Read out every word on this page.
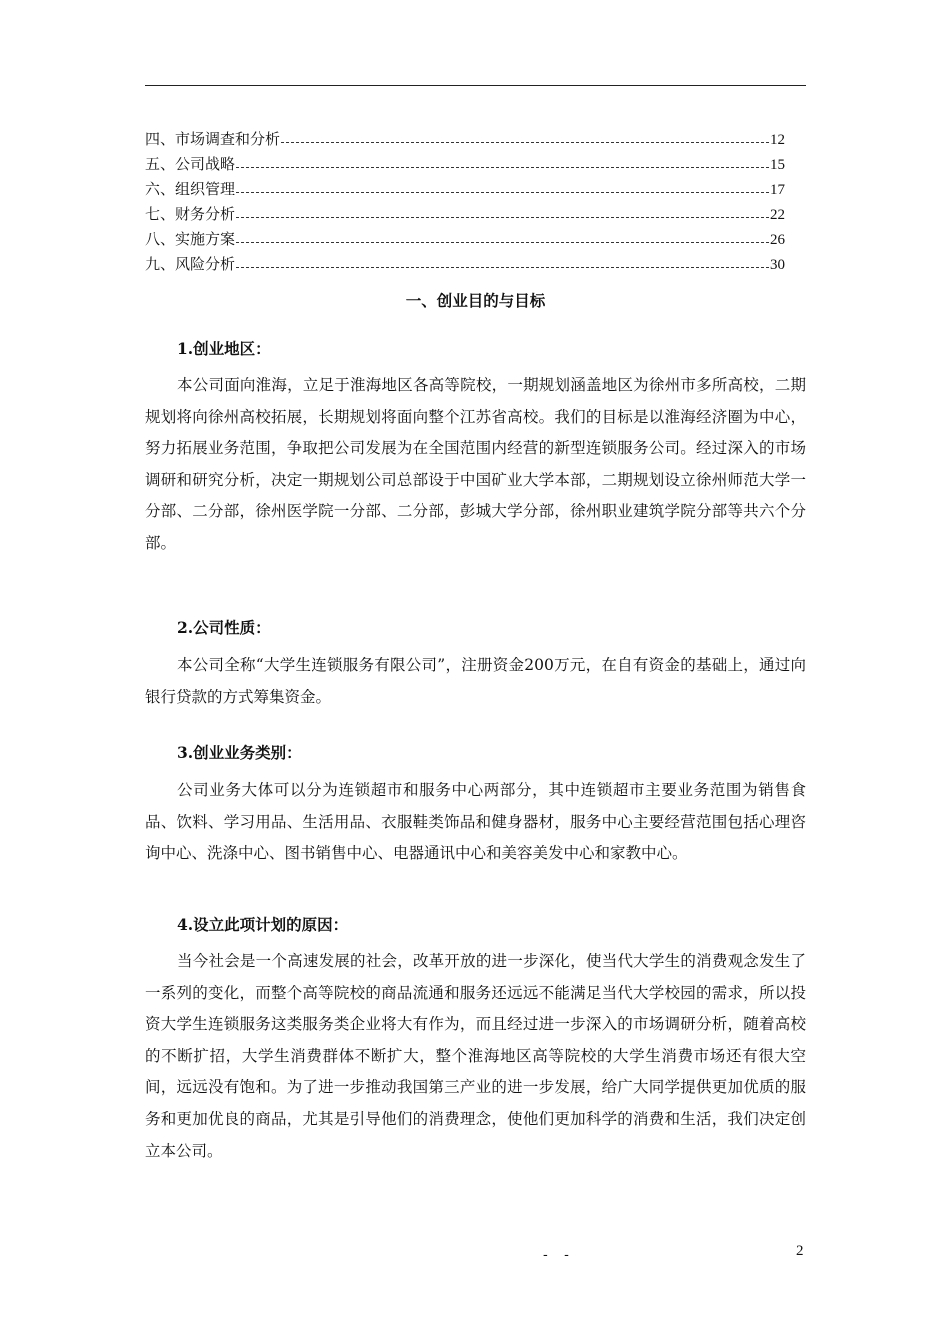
四、市场调查和分析	12
五、公司战略	15
六、组织管理	17
七、财务分析	22
八、实施方案	26
九、风险分析	30
一、创业目的与目标
1.创业地区：

本公司面向淮海，立足于淮海地区各高等院校，一期规划涵盖地区为徐州市多所高校，二期规划将向徐州高校拓展，长期规划将面向整个江苏省高校。我们的目标是以淮海经济圈为中心，努力拓展业务范围，争取把公司发展为在全国范围内经营的新型连锁服务公司。经过深入的市场调研和研究分析，决定一期规划公司总部设于中国矿业大学本部，二期规划设立徐州师范大学一分部、二分部，徐州医学院一分部、二分部，彭城大学分部，徐州职业建筑学院分部等共六个分部。

2.公司性质：

本公司全称“大学生连锁服务有限公司”，注册资金200万元，在自有资金的基础上，通过向银行贷款的方式筹集资金。

3.创业业务类别：

公司业务大体可以分为连锁超市和服务中心两部分，其中连锁超市主要业务范围为销售食品、饮料、学习用品、生活用品、衣服鞋类饰品和健身器材，服务中心主要经营范围包括心理咨询中心、洗涤中心、图书销售中心、电器通讯中心和美容美发中心和家教中心。

4.设立此项计划的原因：

当今社会是一个高速发展的社会，改革开放的进一步深化，使当代大学生的消费观念发生了一系列的变化，而整个高等院校的商品流通和服务还远远不能满足当代大学校园的需求，所以投资大学生连锁服务这类服务类企业将大有作为，而且经过进一步深入的市场调研分析，随着高校的不断扩招，大学生消费群体不断扩大，整个淮海地区高等院校的大学生消费市场还有很大空间，远远没有饱和。为了进一步推动我国第三产业的进一步发展，给广大同学提供更加优质的服务和更加优良的商品，尤其是引导他们的消费理念，使他们更加科学的消费和生活，我们决定创立本公司。

- -	2
